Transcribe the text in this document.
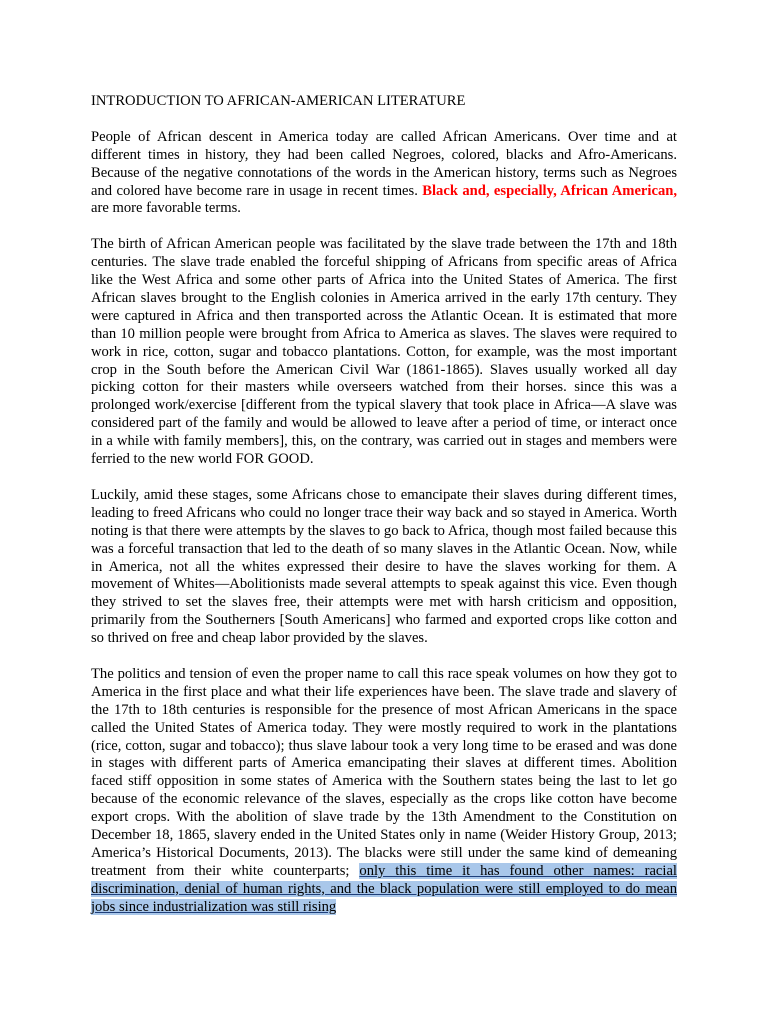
INTRODUCTION TO AFRICAN-AMERICAN LITERATURE

People of African descent in America today are called African Americans. Over time and at different times in history, they had been called Negroes, colored, blacks and Afro-Americans. Because of the negative connotations of the words in the American history, terms such as Negroes and colored have become rare in usage in recent times. Black and, especially, African American, are more favorable terms.

The birth of African American people was facilitated by the slave trade between the 17th and 18th centuries. The slave trade enabled the forceful shipping of Africans from specific areas of Africa like the West Africa and some other parts of Africa into the United States of America. The first African slaves brought to the English colonies in America arrived in the early 17th century. They were captured in Africa and then transported across the Atlantic Ocean. It is estimated that more than 10 million people were brought from Africa to America as slaves. The slaves were required to work in rice, cotton, sugar and tobacco plantations. Cotton, for example, was the most important crop in the South before the American Civil War (1861-1865). Slaves usually worked all day picking cotton for their masters while overseers watched from their horses. since this was a prolonged work/exercise [different from the typical slavery that took place in Africa—A slave was considered part of the family and would be allowed to leave after a period of time, or interact once in a while with family members], this, on the contrary, was carried out in stages and members were ferried to the new world FOR GOOD.

Luckily, amid these stages, some Africans chose to emancipate their slaves during different times, leading to freed Africans who could no longer trace their way back and so stayed in America. Worth noting is that there were attempts by the slaves to go back to Africa, though most failed because this was a forceful transaction that led to the death of so many slaves in the Atlantic Ocean. Now, while in America, not all the whites expressed their desire to have the slaves working for them. A movement of Whites—Abolitionists made several attempts to speak against this vice. Even though they strived to set the slaves free, their attempts were met with harsh criticism and opposition, primarily from the Southerners [South Americans] who farmed and exported crops like cotton and so thrived on free and cheap labor provided by the slaves.

The politics and tension of even the proper name to call this race speak volumes on how they got to America in the first place and what their life experiences have been. The slave trade and slavery of the 17th to 18th centuries is responsible for the presence of most African Americans in the space called the United States of America today. They were mostly required to work in the plantations (rice, cotton, sugar and tobacco); thus slave labour took a very long time to be erased and was done in stages with different parts of America emancipating their slaves at different times. Abolition faced stiff opposition in some states of America with the Southern states being the last to let go because of the economic relevance of the slaves, especially as the crops like cotton have become export crops. With the abolition of slave trade by the 13th Amendment to the Constitution on December 18, 1865, slavery ended in the United States only in name (Weider History Group, 2013; America’s Historical Documents, 2013). The blacks were still under the same kind of demeaning treatment from their white counterparts; only this time it has found other names: racial discrimination, denial of human rights, and the black population were still employed to do mean jobs since industrialization was still rising
